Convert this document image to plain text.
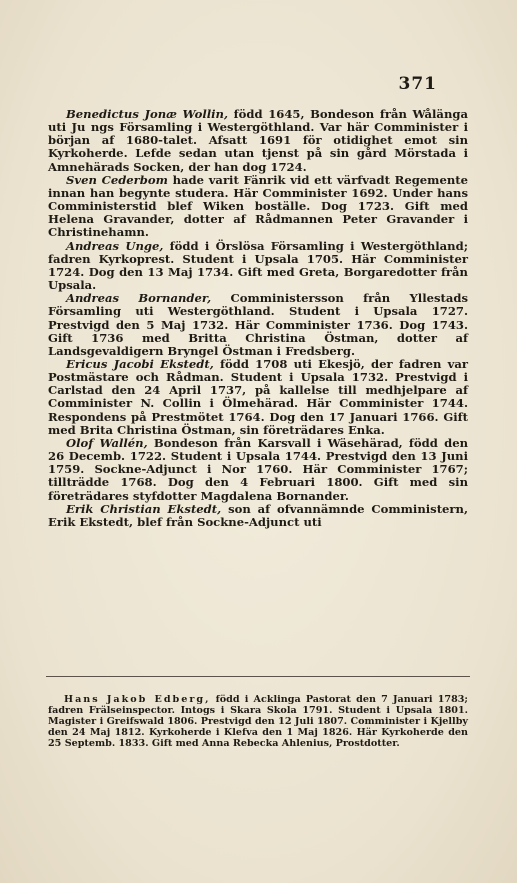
371

Benedictus Jonæ Wollin, född 1645, Bondeson från Wålänga uti Ju ngs Församling i Westergöthland. Var här Comminister i början af 1680-talet. Afsatt 1691 för otidighet emot sin Kyrkoherde. Lefde sedan utan tjenst på sin gård Mörstada i Amnehärads Socken, der han dog 1724.

Sven Cederbom hade varit Fänrik vid ett värfvadt Regemente innan han begynte studera. Här Comminister 1692. Under hans Comministerstid blef Wiken boställe. Dog 1723. Gift med Helena Gravander, dotter af Rådmannen Peter Gravander i Christinehamn.

Andreas Unge, född i Örslösa Församling i Westergöthland; fadren Kyrkoprest. Student i Upsala 1705. Här Comminister 1724. Dog den 13 Maj 1734. Gift med Greta, Borgaredotter från Upsala.

Andreas Bornander, Comministersson från Yllestads Församling uti Westergöthland. Student i Upsala 1727. Prestvigd den 5 Maj 1732. Här Comminister 1736. Dog 1743. Gift 1736 med Britta Christina Östman, dotter af Landsgevaldigern Bryngel Östman i Fredsberg.

Ericus Jacobi Ekstedt, född 1708 uti Ekesjö, der fadren var Postmästare och Rådman. Student i Upsala 1732. Prestvigd i Carlstad den 24 April 1737, på kallelse till medhjelpare af Comminister N. Collin i Ölmehärad. Här Comminister 1744. Respondens på Prestmötet 1764. Dog den 17 Januari 1766. Gift med Brita Christina Östman, sin företrädares Enka.

Olof Wallén, Bondeson från Karsvall i Wäsehärad, född den 26 Decemb. 1722. Student i Upsala 1744. Prestvigd den 13 Juni 1759. Sockne-Adjunct i Nor 1760. Här Comminister 1767; tillträdde 1768. Dog den 4 Februari 1800. Gift med sin företrädares styfdotter Magdalena Bornander.

Erik Christian Ekstedt, son af ofvannämnde Comministern, Erik Ekstedt, blef från Sockne-Adjunct uti

Hans Jakob Edberg, född i Acklinga Pastorat den 7 Januari 1783; fadren Frälseinspector. Intogs i Skara Skola 1791. Student i Upsala 1801. Magister i Greifswald 1806. Prestvigd den 12 Juli 1807. Comminister i Kjellby den 24 Maj 1812. Kyrkoherde i Klefva den 1 Maj 1826. Här Kyrkoherde den 25 Septemb. 1833. Gift med Anna Rebecka Ahlenius, Prostdotter.
